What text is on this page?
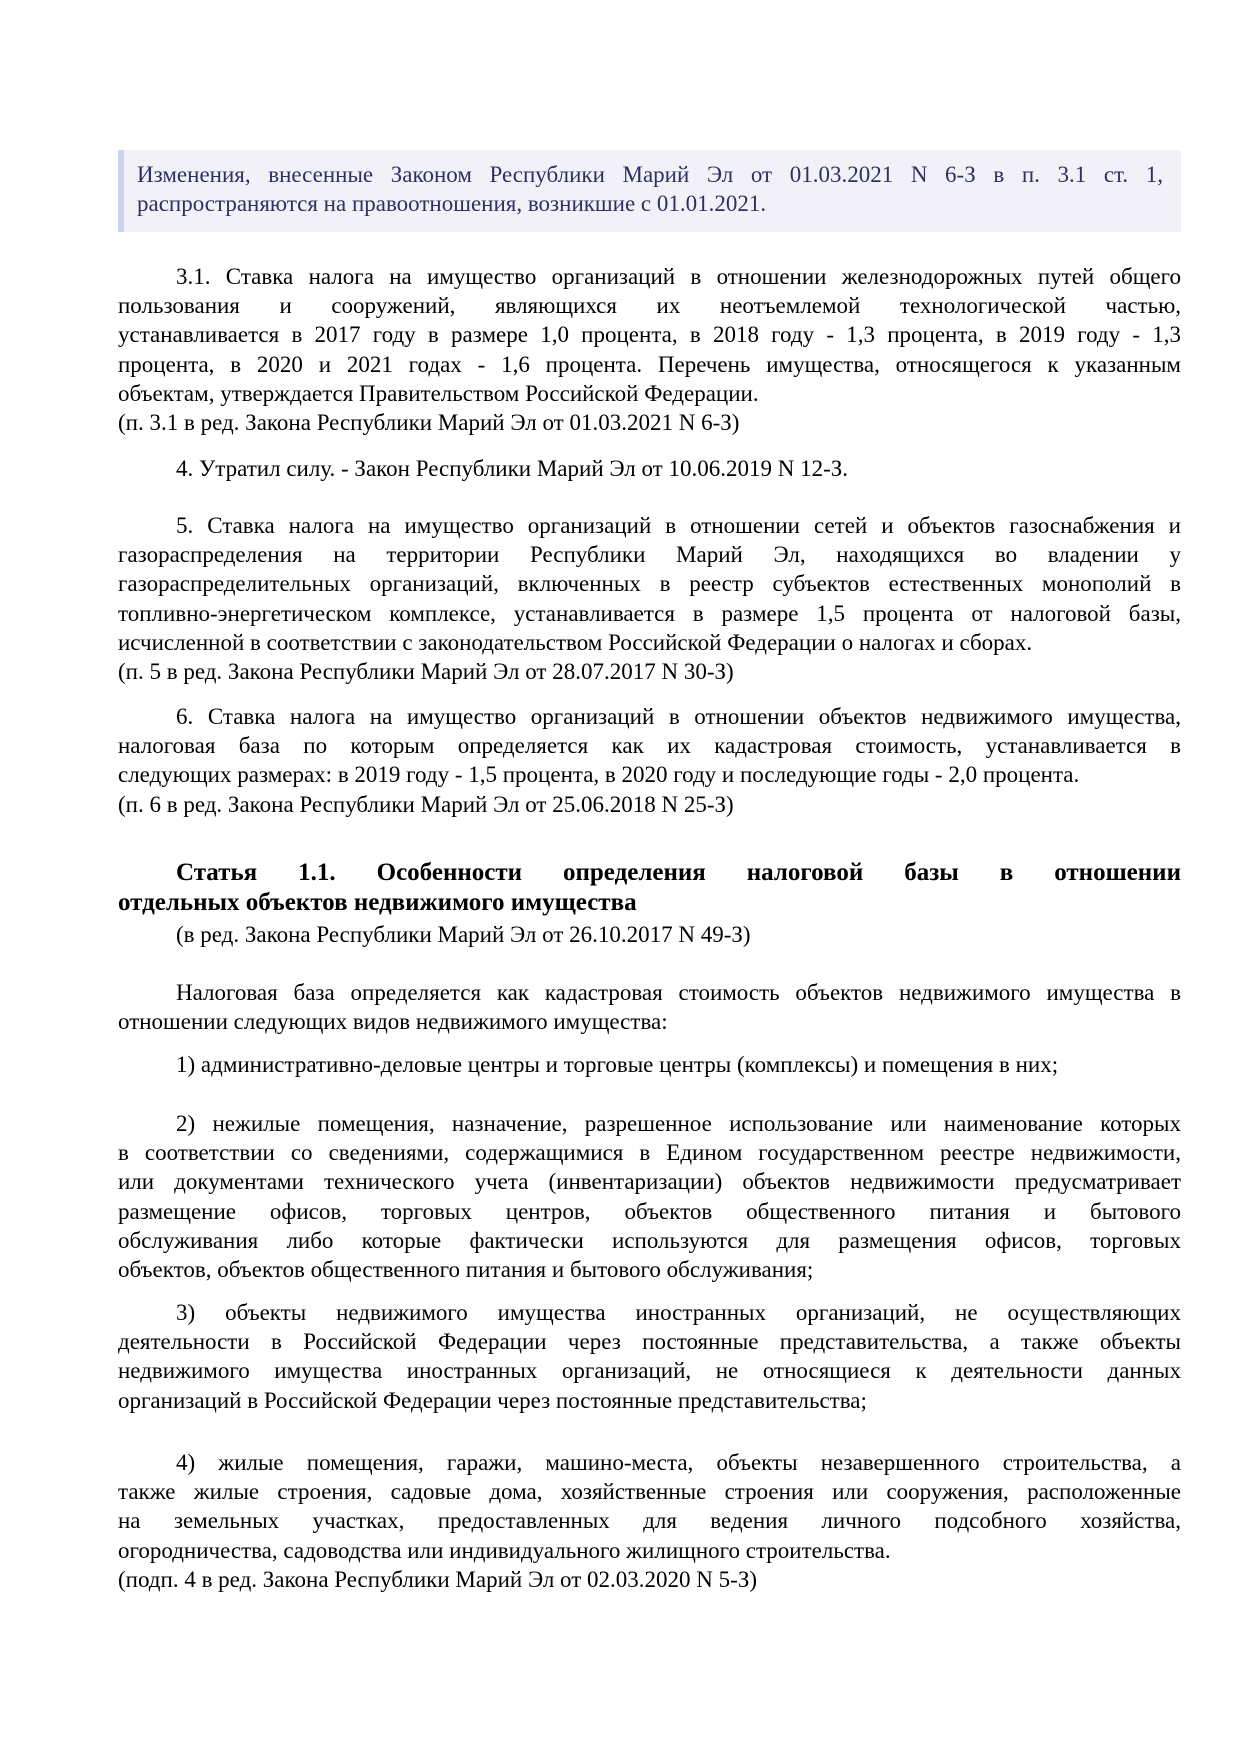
Изменения, внесенные Законом Республики Марий Эл от 01.03.2021 N 6-З в п. 3.1 ст. 1,
распространяются на правоотношения, возникшие с 01.01.2021.
3.1. Ставка налога на имущество организаций в отношении железнодорожных путей общего
пользования и сооружений, являющихся их неотъемлемой технологической частью,
устанавливается в 2017 году в размере 1,0 процента, в 2018 году - 1,3 процента, в 2019 году - 1,3
процента, в 2020 и 2021 годах - 1,6 процента. Перечень имущества, относящегося к указанным
объектам, утверждается Правительством Российской Федерации.
(п. 3.1 в ред. Закона Республики Марий Эл от 01.03.2021 N 6-З)
4. Утратил силу. - Закон Республики Марий Эл от 10.06.2019 N 12-З.
5. Ставка налога на имущество организаций в отношении сетей и объектов газоснабжения и
газораспределения на территории Республики Марий Эл, находящихся во владении у
газораспределительных организаций, включенных в реестр субъектов естественных монополий в
топливно-энергетическом комплексе, устанавливается в размере 1,5 процента от налоговой базы,
исчисленной в соответствии с законодательством Российской Федерации о налогах и сборах.
(п. 5 в ред. Закона Республики Марий Эл от 28.07.2017 N 30-З)
6. Ставка налога на имущество организаций в отношении объектов недвижимого имущества,
налоговая база по которым определяется как их кадастровая стоимость, устанавливается в
следующих размерах: в 2019 году - 1,5 процента, в 2020 году и последующие годы - 2,0 процента.
(п. 6 в ред. Закона Республики Марий Эл от 25.06.2018 N 25-З)
Статья 1.1. Особенности определения налоговой базы в отношении
отдельных объектов недвижимого имущества
(в ред. Закона Республики Марий Эл от 26.10.2017 N 49-З)
Налоговая база определяется как кадастровая стоимость объектов недвижимого имущества в
отношении следующих видов недвижимого имущества:
1) административно-деловые центры и торговые центры (комплексы) и помещения в них;
2) нежилые помещения, назначение, разрешенное использование или наименование которых
в соответствии со сведениями, содержащимися в Едином государственном реестре недвижимости,
или документами технического учета (инвентаризации) объектов недвижимости предусматривает
размещение офисов, торговых центров, объектов общественного питания и бытового
обслуживания либо которые фактически используются для размещения офисов, торговых
объектов, объектов общественного питания и бытового обслуживания;
3) объекты недвижимого имущества иностранных организаций, не осуществляющих
деятельности в Российской Федерации через постоянные представительства, а также объекты
недвижимого имущества иностранных организаций, не относящиеся к деятельности данных
организаций в Российской Федерации через постоянные представительства;
4) жилые помещения, гаражи, машино-места, объекты незавершенного строительства, а
также жилые строения, садовые дома, хозяйственные строения или сооружения, расположенные
на земельных участках, предоставленных для ведения личного подсобного хозяйства,
огородничества, садоводства или индивидуального жилищного строительства.
(подп. 4 в ред. Закона Республики Марий Эл от 02.03.2020 N 5-З)
